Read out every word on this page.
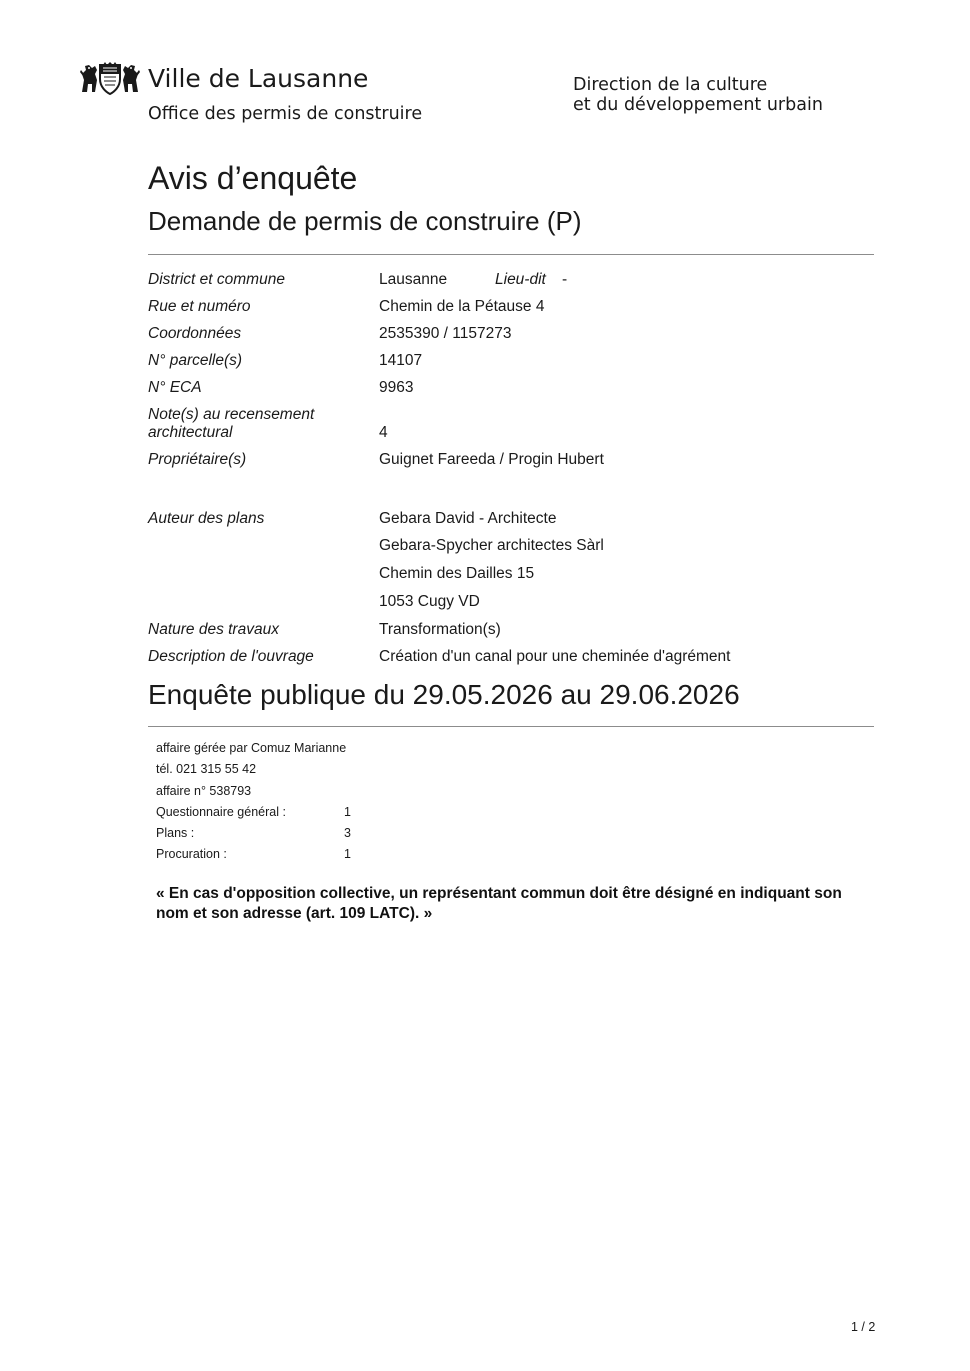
Ville de Lausanne
Office des permis de construire
Direction de la culture
et du développement urbain
Avis d’enquête
Demande de permis de construire (P)
District et commune	Lausanne	Lieu-dit -
Rue et numéro	Chemin de la Pétause 4
Coordonnées	2535390 / 1157273
N° parcelle(s)	14107
N° ECA	9963
Note(s) au recensement
architectural	4
Propriétaire(s)	Guignet Fareeda / Progin Hubert
Auteur des plans	Gebara David - Architecte
Gebara-Spycher architectes Sàrl
Chemin des Dailles 15
1053 Cugy VD
Nature des travaux	Transformation(s)
Description de l'ouvrage	Création d'un canal pour une cheminée d'agrément
Enquête publique du 29.05.2026 au 29.06.2026
affaire gérée par Comuz Marianne
tél. 021 315 55 42
affaire n° 538793
Questionnaire général :	1
Plans :	3
Procuration :	1
« En cas d'opposition collective, un représentant commun doit être désigné en indiquant son nom et son adresse (art. 109 LATC). »
1 / 2
